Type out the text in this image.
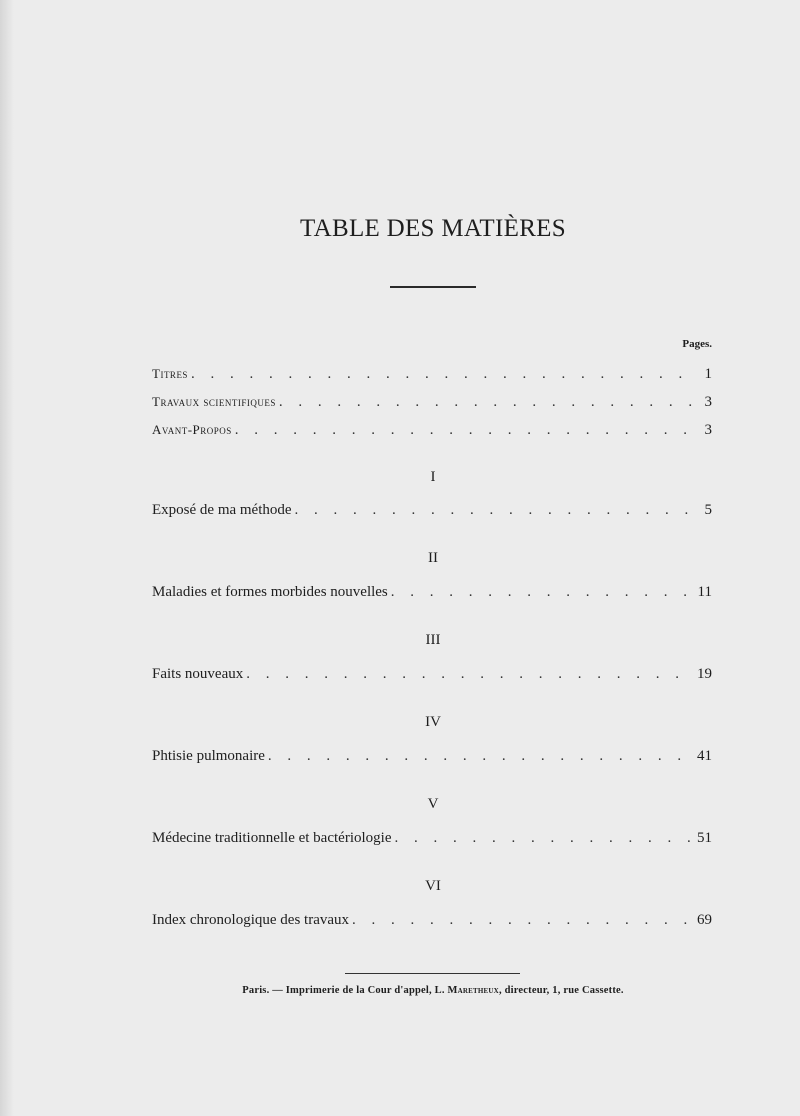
TABLE DES MATIÈRES
Pages.
Titres . . .	1
Travaux scientifiques . . .	3
Avant-Propos . . .	3
I
Exposé de ma méthode . . .	5
II
Maladies et formes morbides nouvelles . . .	11
III
Faits nouveaux . . .	19
IV
Phtisie pulmonaire . . .	41
V
Médecine traditionnelle et bactériologie . . .	51
VI
Index chronologique des travaux . . .	69
Paris. — Imprimerie de la Cour d'appel, L. Maretheux, directeur, 1, rue Cassette.
